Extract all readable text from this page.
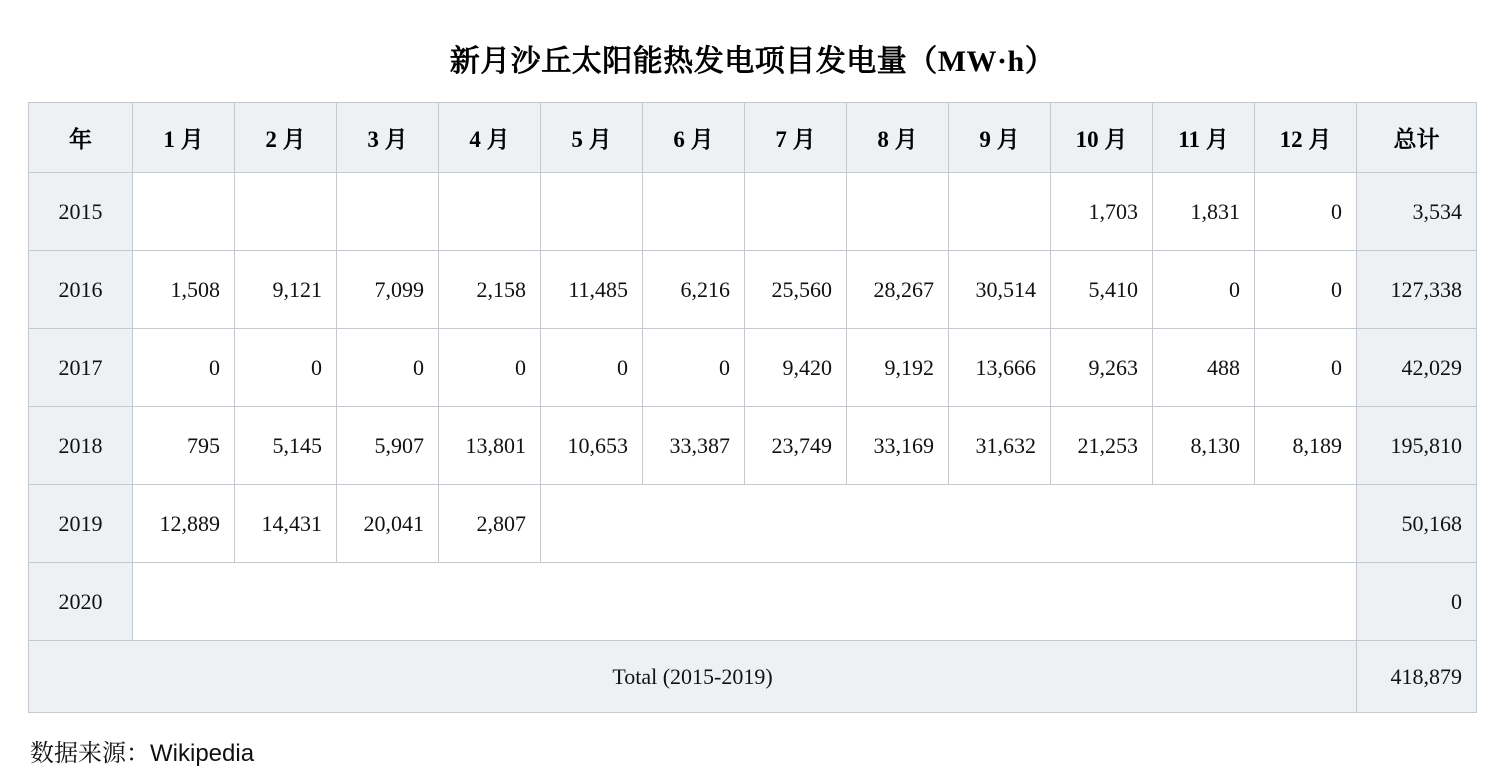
新月沙丘太阳能热发电项目发电量（MW·h）
年	1 月	2 月	3 月	4 月	5 月	6 月	7 月	8 月	9 月	10 月	11 月	12 月	总计
2015										1,703	1,831	0	3,534
2016	1,508	9,121	7,099	2,158	11,485	6,216	25,560	28,267	30,514	5,410	0	0	127,338
2017	0	0	0	0	0	0	9,420	9,192	13,666	9,263	488	0	42,029
2018	795	5,145	5,907	13,801	10,653	33,387	23,749	33,169	31,632	21,253	8,130	8,189	195,810
2019	12,889	14,431	20,041	2,807									50,168
2020													0
Total (2015-2019)													418,879
数据来源：Wikipedia
